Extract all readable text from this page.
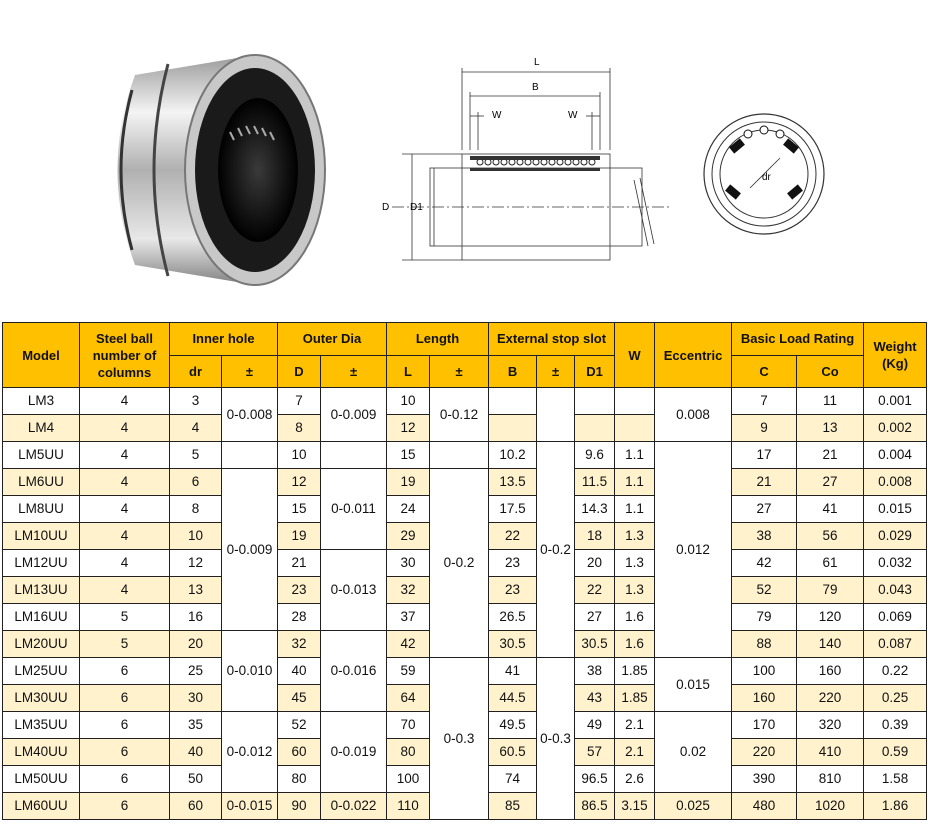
L
B
W	W
D D1
dr
Model	Steel ball number of columns	Inner hole		Outer Dia		Length		External stop slot			W	Eccentric	Basic Load Rating		Weight (Kg)
		dr	±	D	±	L	±	B	±	D1			C	Co	
LM3	4	3	0-0.008	7	0-0.009	10	0-0.12					0.008	7	11	0.001
LM4	4	4		8		12							9	13	0.002
LM5UU	4	5		10		15		10.2	0-0.2	9.6	1.1	0.012	17	21	0.004
LM6UU	4	6	0-0.009	12	0-0.011	19	0-0.2	13.5		11.5	1.1		21	27	0.008
LM8UU	4	8		15		24		17.5		14.3	1.1		27	41	0.015
LM10UU	4	10		19		29		22		18	1.3		38	56	0.029
LM12UU	4	12		21	0-0.013	30		23		20	1.3		42	61	0.032
LM13UU	4	13		23		32		23		22	1.3		52	79	0.043
LM16UU	5	16		28		37		26.5		27	1.6		79	120	0.069
LM20UU	5	20	0-0.010	32	0-0.016	42		30.5		30.5	1.6		88	140	0.087
LM25UU	6	25		40		59	0-0.3	41	0-0.3	38	1.85	0.015	100	160	0.22
LM30UU	6	30		45		64		44.5		43	1.85		160	220	0.25
LM35UU	6	35	0-0.012	52	0-0.019	70		49.5		49	2.1	0.02	170	320	0.39
LM40UU	6	40		60		80		60.5		57	2.1		220	410	0.59
LM50UU	6	50		80		100		74		96.5	2.6		390	810	1.58
LM60UU	6	60	0-0.015	90	0-0.022	110		85		86.5	3.15	0.025	480	1020	1.86
